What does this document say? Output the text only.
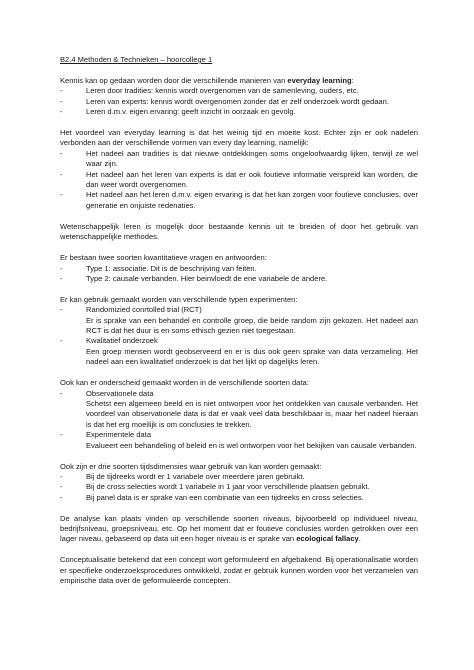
B2.4 Methoden & Technieken – hoorcollege 1

Kennis kan op gedaan worden door die verschillende manieren van everyday learning:

- Leren door tradities: kennis wordt overgenomen van de samenleving, ouders, etc.
- Leren van experts: kennis wordt overgenomen zonder dat er zelf onderzoek wordt gedaan.
- Leren d.m.v. eigen ervaring: geeft inzicht in oorzaak en gevolg.

Het voordeel van everyday learning is dat het weinig tijd en moeite kost. Echter zijn er ook nadelen verbonden aan der verschillende vormen van every day learning, namelijk:

- Het nadeel aan tradities is dat nieuwe ontdekkingen soms ongeloofwaardig lijken, terwijl ze wel waar zijn.
- Het nadeel aan het leren van experts is dat er ook foutieve informatie verspreid kan worden, die dan weer wordt overgenomen.
- Het nadeel aan het leren d.m.v. eigen ervaring is dat het kan zorgen voor foutieve conclusies, over generatie en onjuiste redenaties.

Wetenschappelijk leren is mogelijk door bestaande kennis uit te breiden of door het gebruik van wetenschappelijke methodes.

Er bestaan twee soorten kwantitatieve vragen en antwoorden:

- Type 1: associatie. Dit is de beschrijving van feiten.
- Type 2: causale verbanden. Hier beinvloedt de ene variabele de andere.

Er kan gebruik gemaakt worden van verschillende typen experimenten:

- Randomizied conrtolled trial (RCT)
Er is sprake van een behandel en controlle groep, die beide random zijn gekozen. Het nadeel aan RCT is dat het duur is en soms ethisch gezien niet toegestaan.
- Kwalitatief onderzoek
Een groep mensen wordt geobserveerd en er is dus ook geen sprake van data verzameling. Het nadeel aan een kwalitatief onderzoek is dat het lijkt op dagelijks leren.

Ook kan er onderscheid gemaakt worden in de verschillende soorten data:

- Observationele data
Schetst een algemeen beeld en is niet ontworpen voor het ontdekken van causale verbanden. Het voordeel van observationele data is dat er vaak veel data beschikbaar is, maar het nadeel hieraan is dat het erg moeilijk is om conclusies te trekken.
- Experimentele data
Evalueert een behandeling of beleid en is wel ontworpen voor het bekijken van causale verbanden.

Ook zijn er drie soorten tijdsdimensies waar gebruik van kan worden gemaakt:

- Bij de tijdreeks wordt er 1 variabele over meerdere jaren gebruikt.
- Bij de cross selecties wordt 1 variabele in 1 jaar voor verschillende plaatsen gebruikt.
- Bij panel data is er sprake van een combinatie van een tijdreeks en cross selecties.

De analyse kan plaats vinden op verschillende soorten niveaus, bijvoorbeeld op individueel niveau, bedrijfsniveau, groepsniveau, etc. Op het moment dat er foutieve conclusies worden getrokken over een lager niveau, gebaseerd op data uit een hoger niveau is er sprake van ecological fallacy.

Conceptualisatie betekend dat een concept wort geformuleerd en afgebakend. Bij operationalisatie worden er specifieke onderzoeksprocedures ontwikkeld, zodat er gebruik kunnen worden voor het verzamelen van empirische data over de geformuleerde concepten.
